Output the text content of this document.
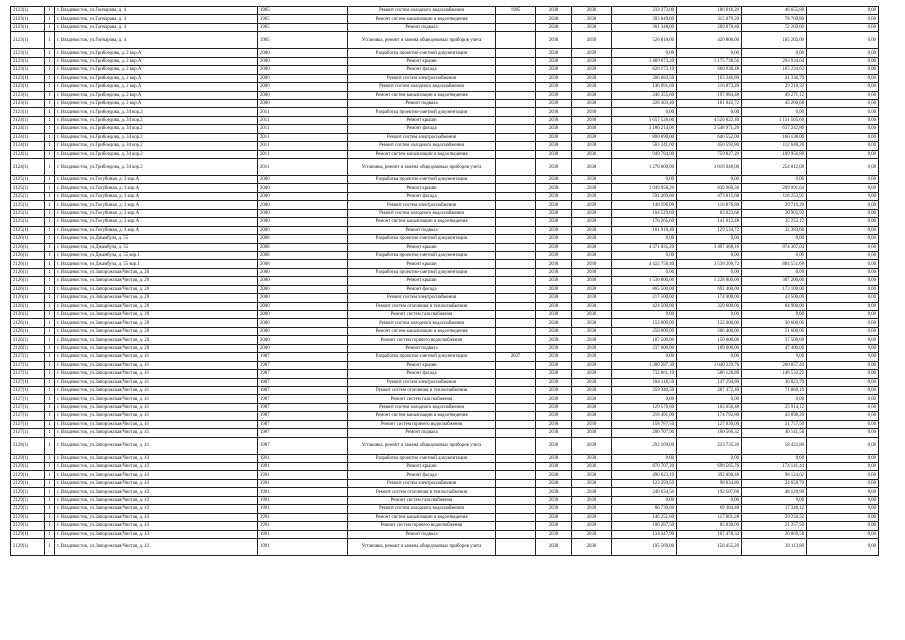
2123(1)	1	г. Владивосток, ул.Гончарова, д. 4	1985	Ремонт систем холодного водоснабжения	1985	2038	2038	233 273,00	186 618,20	46 655,80	0,00
2123(1)	1	г. Владивосток, ул.Гончарова, д. 4	1985	Ремонт систем канализации и водоотведения		2038	2038	393 849,00	315 079,20	78 769,80	0,00
2123(1)	1	г. Владивосток, ул.Гончарова, д. 4	1985	Ремонт подвала		2038	2038	361 348,00	289 078,40	72 269,60	0,00
2123(1)	1	г. Владивосток, ул.Гончарова, д. 4	1985	Установка, ремонт и замена общедомовых приборов учета		2038	2038	526 010,00	420 808,00	105 202,00	0,00
2123(1)	1	г. Владивосток, ул.Грибоедова, д. 2 кор.А	2000	Разработка проектно-сметной документации		2038	2038	0,00	0,00	0,00	0,00
2123(1)	1	г. Владивосток, ул.Грибоедова, д. 2 кор.А	2000	Ремонт крыши		2038	2038	1 469 673,20	1 175 738,56	293 934,64	0,00
2123(1)	1	г. Владивосток, ул.Грибоедова, д. 2 кор.А	2000	Ремонт фасада		2038	2038	826 173,10	660 938,48	165 234,62	0,00
2123(1)	1	г. Владивосток, ул.Грибоедова, д. 2 кор.А	2000	Ремонт систем электроснабжения		2038	2038	206 683,50	165 346,80	41 336,70	0,00
2123(1)	1	г. Владивосток, ул.Грибоедова, д. 2 кор.А	2000	Ремонт систем холодного водоснабжения		2038	2038	146 091,60	116 873,28	29 218,32	0,00
2123(1)	1	г. Владивосток, ул.Грибоедова, д. 2 кор.А	2000	Ремонт систем канализации и водоотведения		2038	2038	246 355,60	197 084,48	49 271,12	0,00
2123(1)	1	г. Владивосток, ул.Грибоедова, д. 2 кор.А	2000	Ремонт подвала		2038	2038	226 303,40	181 042,72	45 260,68	0,00
2123(1)	1	г. Владивосток, ул.Грибоедова, д. 34 кор.2	2011	Разработка проектно-сметной документации		2038	2038	0,00	0,00	0,00	0,00
2124(1)	1	г. Владивосток, ул.Грибоедова, д. 34 кор.2	2011	Ремонт крыши		2038	2038	5 657 528,00	4 526 022,40	1 131 505,60	0,00
2124(1)	1	г. Владивосток, ул.Грибоедова, д. 34 кор.2	2011	Ремонт фасада		2038	2038	3 186 214,00	2 548 971,20	637 242,80	0,00
2124(1)	1	г. Владивосток, ул.Грибоедова, д. 34 кор.2	2011	Ремонт систем электроснабжения		2038	2038	800 690,00	640 552,00	160 138,00	0,00
2124(1)	1	г. Владивосток, ул.Грибоедова, д. 34 кор.2	2011	Ремонт систем холодного водоснабжения		2038	2038	563 241,00	450 592,80	112 648,20	0,00
2124(1)	1	г. Владивосток, ул.Грибоедова, д. 34 кор.2	2011	Ремонт систем канализации и водоотведения		2038	2038	949 784,00	759 827,20	189 956,80	0,00
2124(1)	1	г. Владивосток, ул.Грибоедова, д. 34 кор.2	2011	Установка, ремонт и замена общедомовых приборов учета		2038	2038	1 270 060,00	1 016 048,00	254 012,00	0,00
2125(1)	1	г. Владивосток, ул.Голубиная, д. 3 кор.А	2000	Разработка проектно-сметной документации		2038	2038	0,00	0,00	0,00	0,00
2125(1)	1	г. Владивосток, ул.Голубиная, д. 3 кор.А	2000	Ремонт крыши		2038	2038	1 049 958,20	839 966,56	209 991,64	0,00
2125(1)	1	г. Владивосток, ул.Голубиная, д. 3 кор.А	2000	Ремонт фасада		2038	2038	591 269,60	473 015,68	118 253,92	0,00
2125(1)	1	г. Владивосток, ул.Голубиная, д. 3 кор.А	2000	Ремонт систем электроснабжения		2038	2038	148 596,00	118 876,80	29 719,20	0,00
2125(1)	1	г. Владивосток, ул.Голубиная, д. 3 кор.А	2000	Ремонт систем холодного водоснабжения		2038	2038	104 529,60	83 623,68	20 905,92	0,00
2125(1)	1	г. Владивосток, ул.Голубиная, д. 3 кор.А	2000	Ремонт систем канализации и водоотведения		2038	2038	176 265,60	141 012,48	35 253,12	0,00
2125(1)	1	г. Владивосток, ул.Голубиная, д. 3 кор.А	2000	Ремонт подвала		2038	2038	161 918,40	129 534,72	32 383,68	0,00
2126(1)	1	г. Владивосток, ул.Джамбула, д. 55	2008	Разработка проектно-сметной документации		2038	2038	0,00	0,00	0,00	0,00
2126(1)	1	г. Владивосток, ул.Джамбула, д. 55	2008	Ремонт крыши		2038	2038	4 371 835,20	3 497 468,16	874 367,04	0,00
2126(1)	1	г. Владивосток, ул.Джамбула, д. 55 кор.1	2008	Разработка проектно-сметной документации		2038	2038	0,00	0,00	0,00	0,00
2126(1)	1	г. Владивосток, ул.Джамбула, д. 55 кор.1	2008	Ремонт крыши		2038	2038	4 422 758,40	3 538 206,72	884 551,68	0,00
2126(1)	1	г. Владивосток, ул.Запорожская/Чистая, д. 20	2000	Разработка проектно-сметной документации		2038	2038	0,00	0,00	0,00	0,00
2126(1)	1	г. Владивосток, ул.Запорожская/Чистая, д. 20	2000	Ремонт крыши		2038	2038	1 536 000,00	1 228 800,00	307 200,00	0,00
2126(1)	1	г. Владивосток, ул.Запорожская/Чистая, д. 20	2000	Ремонт фасада		2038	2038	865 500,00	692 400,00	173 100,00	0,00
2126(1)	1	г. Владивосток, ул.Запорожская/Чистая, д. 20	2000	Ремонт систем электроснабжения		2038	2038	217 500,00	174 000,00	43 500,00	0,00
2126(1)	1	г. Владивосток, ул.Запорожская/Чистая, д. 20	2000	Ремонт систем отопления и теплоснабжения		2038	2038	424 500,00	339 600,00	84 900,00	0,00
2126(1)	1	г. Владивосток, ул.Запорожская/Чистая, д. 20	2000	Ремонт систем газоснабжения		2038	2038	0,00	0,00	0,00	0,00
2126(1)	1	г. Владивосток, ул.Запорожская/Чистая, д. 20	2000	Ремонт систем холодного водоснабжения		2038	2038	153 000,00	122 400,00	30 600,00	0,00
2126(1)	1	г. Владивосток, ул.Запорожская/Чистая, д. 20	2000	Ремонт систем канализации и водоотведения		2038	2038	258 000,00	206 400,00	51 600,00	0,00
2126(1)	1	г. Владивосток, ул.Запорожская/Чистая, д. 20	2000	Ремонт систем горячего водоснабжения		2038	2038	187 500,00	150 000,00	37 500,00	0,00
2126(1)	1	г. Владивосток, ул.Запорожская/Чистая, д. 20	2000	Ремонт подвала		2038	2038	237 000,00	189 600,00	47 400,00	0,00
2127(1)	1	г. Владивосток, ул.Запорожская/Чистая, д. 41	1987	Разработка проектно-сметной документации	2037	2038	2038	0,00	0,00	0,00	0,00
2127(1)	1	г. Владивосток, ул.Запорожская/Чистая, д. 41	1987	Ремонт крыши		2038	2038	1 300 287,30	1 040 229,76	260 057,44	0,00
2127(1)	1	г. Владивосток, ул.Запорожская/Чистая, д. 41	1987	Ремонт фасада		2038	2038	732 661,10	586 128,88	146 532,22	0,00
2127(1)	1	г. Владивосток, ул.Запорожская/Чистая, д. 41	1987	Ремонт систем электроснабжения		2038	2038	184 118,50	147 294,80	36 823,70	0,00
2127(1)	1	г. Владивосток, ул.Запорожская/Чистая, д. 41	1987	Ремонт систем отопления и теплоснабжения		2038	2038	359 340,50	287 472,40	71 868,10	0,00
2127(1)	1	г. Владивосток, ул.Запорожская/Чистая, д. 41	1987	Ремонт систем газоснабжения		2038	2038	0,00	0,00	0,00	0,00
2127(1)	1	г. Владивосток, ул.Запорожская/Чистая, д. 41	1987	Ремонт систем холодного водоснабжения		2038	2038	129 570,60	103 656,48	25 914,12	0,00
2127(1)	1	г. Владивосток, ул.Запорожская/Чистая, д. 41	1987	Ремонт систем канализации и водоотведения		2038	2038	218 491,00	174 792,80	43 698,20	0,00
2127(1)	1	г. Владивосток, ул.Запорожская/Чистая, д. 41	1987	Ремонт систем горячего водоснабжения		2038	2038	158 787,50	127 030,00	31 757,50	0,00
2127(1)	1	г. Владивосток, ул.Запорожская/Чистая, д. 41	1987	Ремонт подвала		2038	2038	200 707,90	160 566,32	40 141,58	0,00
2128(1)	1	г. Владивосток, ул.Запорожская/Чистая, д. 41	1987	Установка, ремонт и замена общедомовых приборов учета		2038	2038	292 169,00	233 735,20	58 433,80	0,00
2129(1)	1	г. Владивосток, ул.Запорожская/Чистая, д. 43	1991	Разработка проектно-сметной документации		2038	2038	0,00	0,00	0,00	0,00
2129(1)	1	г. Владивосток, ул.Запорожская/Чистая, д. 43	1991	Ремонт крыши		2038	2038	870 707,20	696 565,76	174 141,44	0,00
2129(1)	1	г. Владивосток, ул.Запорожская/Чистая, д. 43	1991	Ремонт фасада		2038	2038	490 623,10	392 498,48	98 124,62	0,00
2129(1)	1	г. Владивосток, ул.Запорожская/Чистая, д. 43	1991	Ремонт систем электроснабжения		2038	2038	123 293,50	98 634,80	24 658,70	0,00
2129(1)	1	г. Владивосток, ул.Запорожская/Чистая, д. 43	1991	Ремонт систем отопления и теплоснабжения		2038	2038	240 634,50	192 507,60	48 126,90	0,00
2129(1)	1	г. Владивосток, ул.Запорожская/Чистая, д. 43	1991	Ремонт систем газоснабжения		2038	2038	0,00	0,00	0,00	0,00
2129(1)	1	г. Владивосток, ул.Запорожская/Чистая, д. 43	1991	Ремонт систем холодного водоснабжения		2038	2038	86 730,60	69 384,48	17 346,12	0,00
2129(1)	1	г. Владивосток, ул.Запорожская/Чистая, д. 43	1991	Ремонт систем канализации и водоотведения		2038	2038	146 251,60	117 001,28	29 250,32	0,00
2129(1)	1	г. Владивосток, ул.Запорожская/Чистая, д. 43	1991	Ремонт систем горячего водоснабжения		2038	2038	106 287,50	85 030,00	21 257,50	0,00
2129(1)	1	г. Владивосток, ул.Запорожская/Чистая, д. 43	1991	Ремонт подвала		2038	2038	134 347,90	107 478,32	26 869,58	0,00
2129(1)	1	г. Владивосток, ул.Запорожская/Чистая, д. 43	1991	Установка, ремонт и замена общедомовых приборов учета		2038	2038	195 569,00	156 455,20	39 113,80	0,00
